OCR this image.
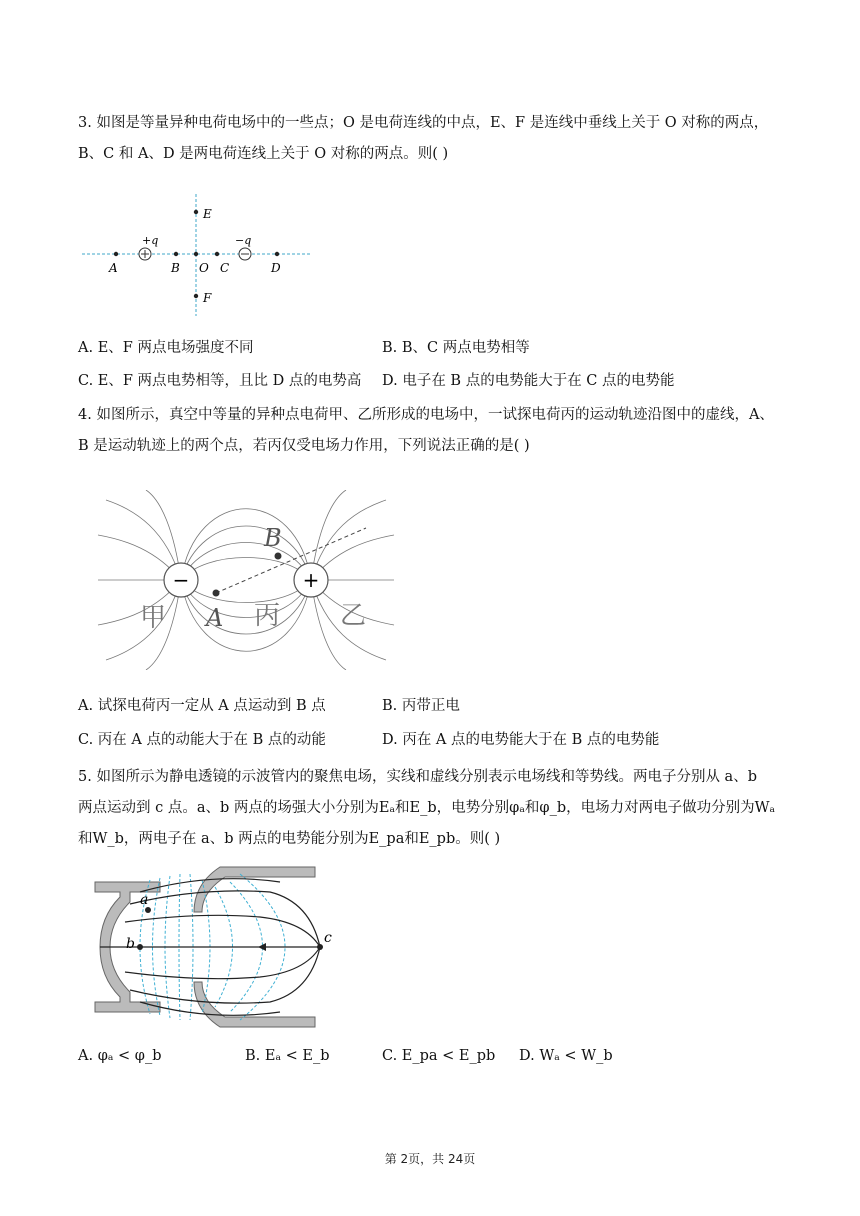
3. 如图是等量异种电荷电场中的一些点；O 是电荷连线的中点，E、F 是连线中垂线上关于 O 对称的两点，

B、C 和 A、D 是两电荷连线上关于 O 对称的两点。则( )

E
F
A	B O C	D
+q	−q
A. E、F 两点电场强度不同	B. B、C 两点电势相等
C. E、F 两点电势相等，且比 D 点的电势高 D. 电子在 B 点的电势能大于在 C 点的电势能

4. 如图所示，真空中等量的异种点电荷甲、乙所形成的电场中，一试探电荷丙的运动轨迹沿图中的虚线，A、

B 是运动轨迹上的两个点，若丙仅受电场力作用，下列说法正确的是( )

−	+
A
B
甲	丙 乙
A. 试探电荷丙一定从 A 点运动到 B 点	B. 丙带正电
C. 丙在 A 点的动能大于在 B 点的动能	D. 丙在 A 点的电势能大于在 B 点的电势能

5. 如图所示为静电透镜的示波管内的聚焦电场，实线和虚线分别表示电场线和等势线。两电子分别从 a、b

两点运动到 c 点。a、b 两点的场强大小分别为Eₐ和E_b，电势分别φₐ和φ_b，电场力对两电子做功分别为Wₐ

和W_b，两电子在 a、b 两点的电势能分别为E_pa和E_pb。则( )

a
b	c
A. φₐ < φ_b	B. Eₐ < E_b	C. E_pa < E_pb D. Wₐ < W_b
第 2页，共 24页
